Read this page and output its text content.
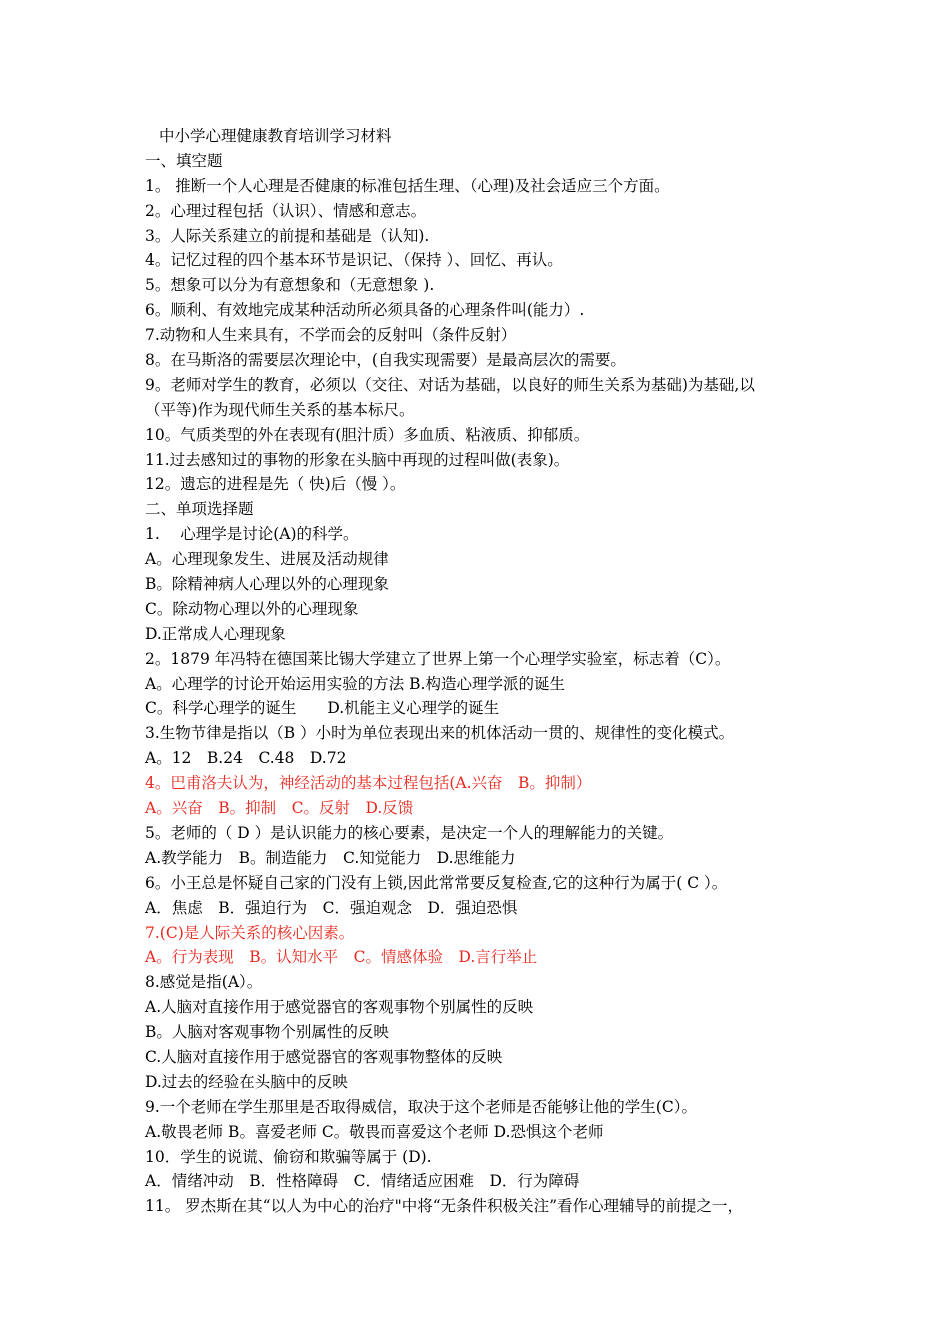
中小学心理健康教育培训学习材料
一、填空题
1。 推断一个人心理是否健康的标准包括生理、（心理)及社会适应三个方面。
2。心理过程包括（认识）、情感和意志。
3。人际关系建立的前提和基础是（认知).
4。记忆过程的四个基本环节是识记、（保持 ）、回忆、再认。
5。想象可以分为有意想象和（无意想象 ).
6。顺利、有效地完成某种活动所必须具备的心理条件叫(能力）.
7.动物和人生来具有，不学而会的反射叫（条件反射）
8。在马斯洛的需要层次理论中，(自我实现需要）是最高层次的需要。
9。老师对学生的教育，必须以（交往、对话为基础，以良好的师生关系为基础)为基础,以
（平等)作为现代师生关系的基本标尺。
10。气质类型的外在表现有(胆汁质）多血质、粘液质、抑郁质。
11.过去感知过的事物的形象在头脑中再现的过程叫做(表象)。
12。遗忘的进程是先（ 快)后（慢 ）。
二、单项选择题
1.　 心理学是讨论(A)的科学。
A。心理现象发生、进展及活动规律
B。除精神病人心理以外的心理现象
C。除动物心理以外的心理现象
D.正常成人心理现象
2。1879 年冯特在德国莱比锡大学建立了世界上第一个心理学实验室，标志着（C）。
A。心理学的讨论开始运用实验的方法 B.构造心理学派的诞生
C。科学心理学的诞生　　D.机能主义心理学的诞生
3.生物节律是指以（B ）小时为单位表现出来的机体活动一贯的、规律性的变化模式。
A。12　B.24　C.48　D.72
4。巴甫洛夫认为，神经活动的基本过程包括(A.兴奋　B。抑制）
A。兴奋　B。抑制　C。反射　D.反馈
5。老师的（ D ）是认识能力的核心要素，是决定一个人的理解能力的关键。
A.教学能力　B。制造能力　C.知觉能力　D.思维能力
6。小王总是怀疑自己家的门没有上锁,因此常常要反复检查,它的这种行为属于( C ）。
A．焦虑　B．强迫行为　C．强迫观念　D．强迫恐惧
7.(C)是人际关系的核心因素。
A。行为表现　B。认知水平　C。情感体验　D.言行举止
8.感觉是指(A）。
A.人脑对直接作用于感觉器官的客观事物个别属性的反映
B。人脑对客观事物个别属性的反映
C.人脑对直接作用于感觉器官的客观事物整体的反映
D.过去的经验在头脑中的反映
9.一个老师在学生那里是否取得威信，取决于这个老师是否能够让他的学生(C）。
A.敬畏老师 B。喜爱老师 C。敬畏而喜爱这个老师 D.恐惧这个老师
10．学生的说谎、偷窃和欺骗等属于 (D).
A．情绪冲动　B．性格障碍　C．情绪适应困难　D．行为障碍
11。 罗杰斯在其“以人为中心的治疗"中将“无条件积极关注”看作心理辅导的前提之一，
